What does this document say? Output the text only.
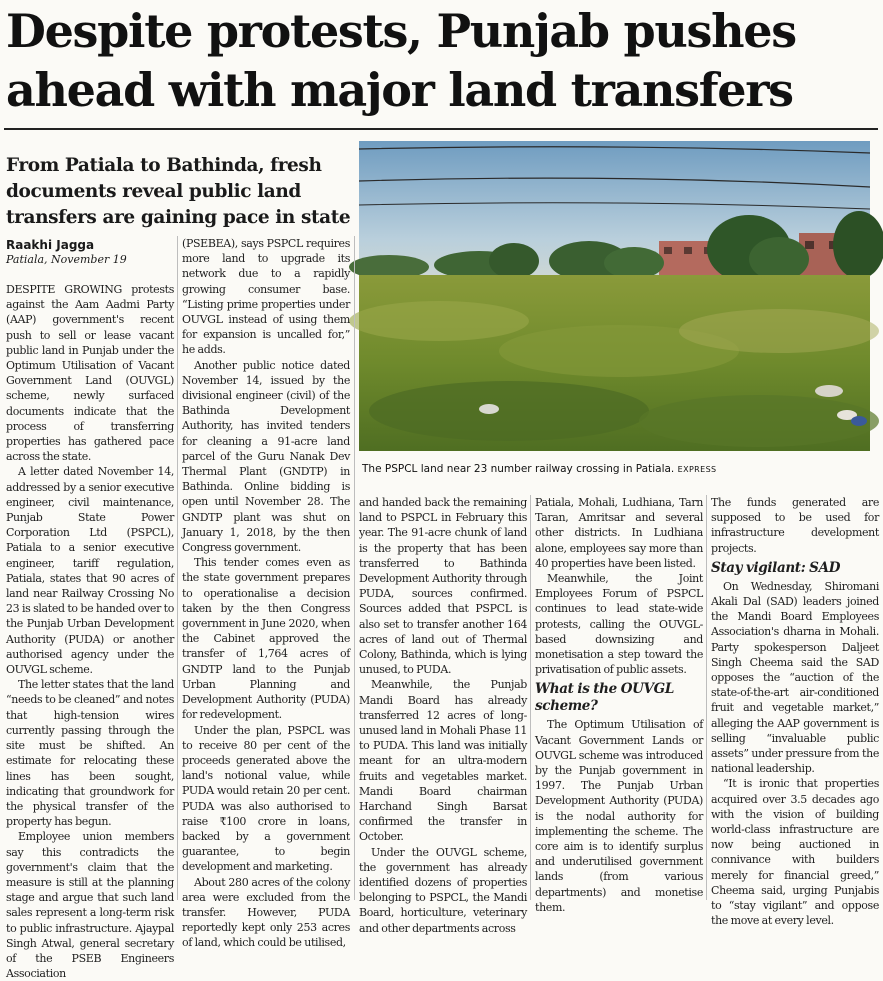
Despite protests, Punjab pushes ahead with major land transfers
From Patiala to Bathinda, fresh documents reveal public land transfers are gaining pace in state
The PSPCL land near 23 number railway crossing in Patiala. EXPRESS
Raakhi Jagga
Patiala, November 19

DESPITE GROWING protests against the Aam Aadmi Party (AAP) government's recent push to sell or lease vacant public land in Punjab under the Optimum Utilisation of Vacant Government Land (OUVGL) scheme, newly surfaced documents indicate that the process of transferring properties has gathered pace across the state.

A letter dated November 14, addressed by a senior executive engineer, civil maintenance, Punjab State Power Corporation Ltd (PSPCL), Patiala to a senior executive engineer, tariff regulation, Patiala, states that 90 acres of land near Railway Crossing No 23 is slated to be handed over to the Punjab Urban Development Authority (PUDA) or another authorised agency under the OUVGL scheme.

The letter states that the land “needs to be cleaned” and notes that high-tension wires currently passing through the site must be shifted. An estimate for relocating these lines has been sought, indicating that groundwork for the physical transfer of the property has begun.

Employee union members say this contradicts the government's claim that the measure is still at the planning stage and argue that such land sales represent a long-term risk to public infrastructure. Ajaypal Singh Atwal, general secretary of the PSEB Engineers Association

(PSEBEA), says PSPCL requires more land to upgrade its network due to a rapidly growing consumer base. “Listing prime properties under OUVGL instead of using them for expansion is uncalled for,” he adds.

Another public notice dated November 14, issued by the divisional engineer (civil) of the Bathinda Development Authority, has invited tenders for cleaning a 91-acre land parcel of the Guru Nanak Dev Thermal Plant (GNDTP) in Bathinda. Online bidding is open until November 28. The GNDTP plant was shut on January 1, 2018, by the then Congress government.

This tender comes even as the state government prepares to operationalise a decision taken by the then Congress government in June 2020, when the Cabinet approved the transfer of 1,764 acres of GNDTP land to the Punjab Urban Planning and Development Authority (PUDA) for redevelopment.

Under the plan, PSPCL was to receive 80 per cent of the proceeds generated above the land's notional value, while PUDA would retain 20 per cent. PUDA was also authorised to raise ₹100 crore in loans, backed by a government guarantee, to begin development and marketing.

About 280 acres of the colony area were excluded from the transfer. However, PUDA reportedly kept only 253 acres of land, which could be utilised,

and handed back the remaining land to PSPCL in February this year. The 91-acre chunk of land is the property that has been transferred to Bathinda Development Authority through PUDA, sources confirmed. Sources added that PSPCL is also set to transfer another 164 acres of land out of Thermal Colony, Bathinda, which is lying unused, to PUDA.

Meanwhile, the Punjab Mandi Board has already transferred 12 acres of long-unused land in Mohali Phase 11 to PUDA. This land was initially meant for an ultra-modern fruits and vegetables market. Mandi Board chairman Harchand Singh Barsat confirmed the transfer in October.

Under the OUVGL scheme, the government has already identified dozens of properties belonging to PSPCL, the Mandi Board, horticulture, veterinary and other departments across

Patiala, Mohali, Ludhiana, Tarn Taran, Amritsar and several other districts. In Ludhiana alone, employees say more than 40 properties have been listed.

Meanwhile, the Joint Employees Forum of PSPCL continues to lead state-wide protests, calling the OUVGL-based downsizing and monetisation a step toward the privatisation of public assets.

What is the OUVGL scheme?

The Optimum Utilisation of Vacant Government Lands or OUVGL scheme was introduced by the Punjab government in 1997. The Punjab Urban Development Authority (PUDA) is the nodal authority for implementing the scheme. The core aim is to identify surplus and underutilised government lands (from various departments) and monetise them.

The funds generated are supposed to be used for infrastructure development projects.

Stay vigilant: SAD

On Wednesday, Shiromani Akali Dal (SAD) leaders joined the Mandi Board Employees Association's dharna in Mohali. Party spokesperson Daljeet Singh Cheema said the SAD opposes the “auction of the state-of-the-art air-conditioned fruit and vegetable market,” alleging the AAP government is selling “invaluable public assets” under pressure from the national leadership.

“It is ironic that properties acquired over 3.5 decades ago with the vision of building world-class infrastructure are now being auctioned in connivance with builders merely for financial greed,” Cheema said, urging Punjabis to “stay vigilant” and oppose the move at every level.
